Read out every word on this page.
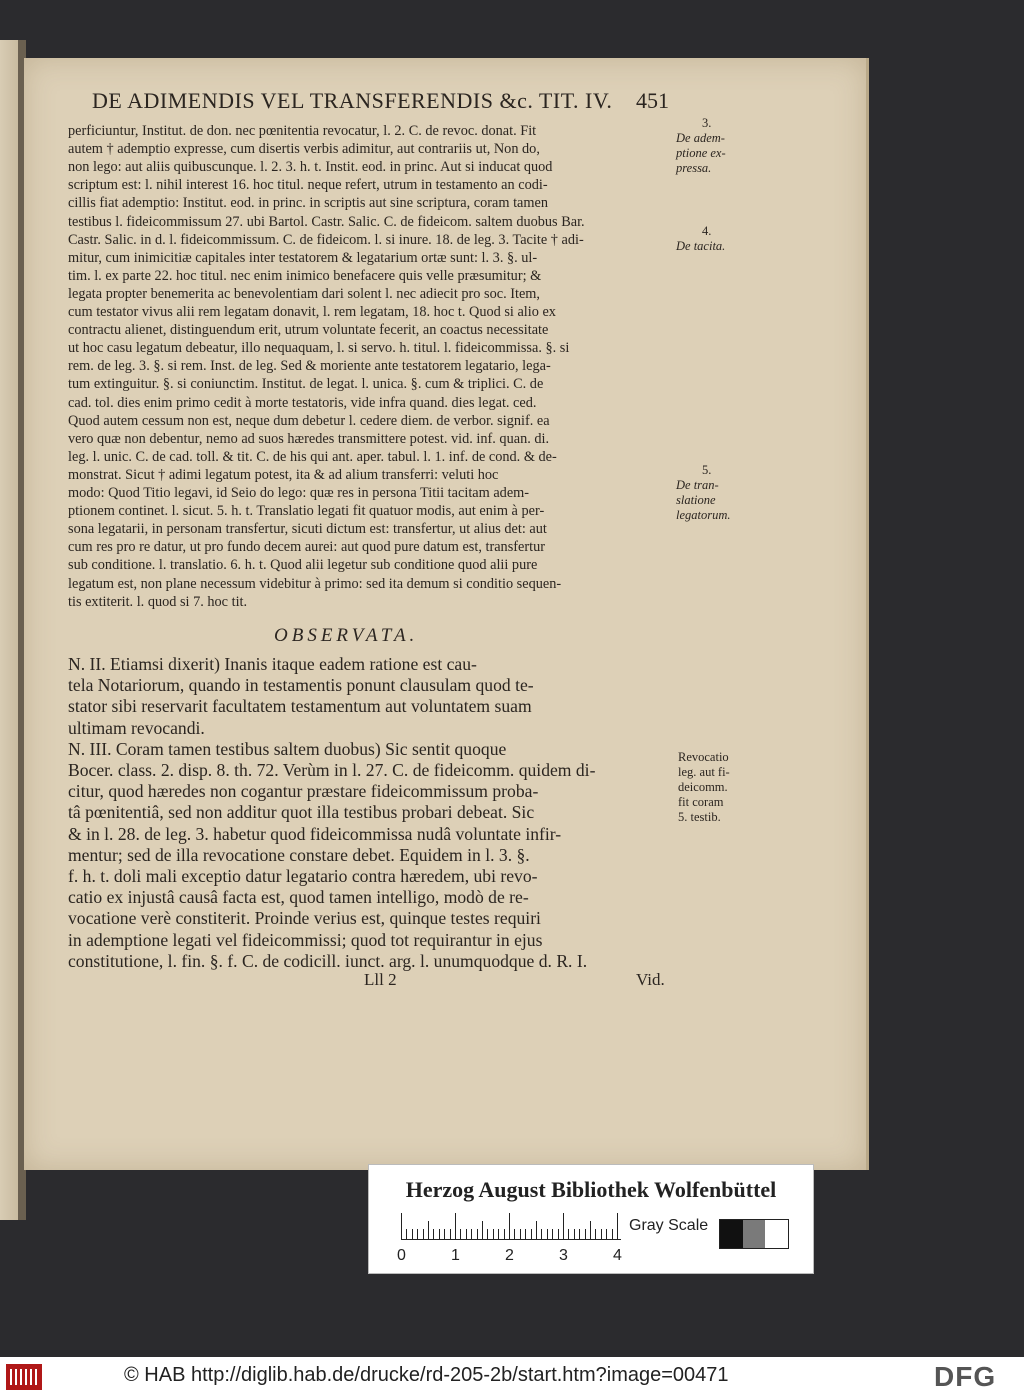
DE ADIMENDIS VEL TRANSFERENDIS &c. TIT. IV. 451
perficiuntur, Institut. de don. nec pœnitentia revocatur, l. 2. C. de revoc. donat. Fit
autem † ademptio expresse, cum disertis verbis adimitur, aut contrariis ut, Non do,
non lego: aut aliis quibuscunque. l. 2. 3. h. t. Instit. eod. in princ. Aut si inducat quod
scriptum est: l. nihil interest 16. hoc titul. neque refert, utrum in testamento an codi-
cillis fiat ademptio: Institut. eod. in princ. in scriptis aut sine scriptura, coram tamen
testibus l. fideicommissum 27. ubi Bartol. Castr. Salic. C. de fideicom. saltem duobus Bar.
Castr. Salic. in d. l. fideicommissum. C. de fideicom. l. si inure. 18. de leg. 3. Tacite † adi-
mitur, cum inimicitiæ capitales inter testatorem & legatarium ortæ sunt: l. 3. §. ul-
tim. l. ex parte 22. hoc titul. nec enim inimico benefacere quis velle præsumitur; &
legata propter benemerita ac benevolentiam dari solent l. nec adiecit pro soc. Item,
cum testator vivus alii rem legatam donavit, l. rem legatam, 18. hoc t. Quod si alio ex
contractu alienet, distinguendum erit, utrum voluntate fecerit, an coactus necessitate
ut hoc casu legatum debeatur, illo nequaquam, l. si servo. h. titul. l. fideicommissa. §. si
rem. de leg. 3. §. si rem. Inst. de leg. Sed & moriente ante testatorem legatario, lega-
tum extinguitur. §. si coniunctim. Institut. de legat. l. unica. §. cum & triplici. C. de
cad. tol. dies enim primo cedit à morte testatoris, vide infra quand. dies legat. ced.
Quod autem cessum non est, neque dum debetur l. cedere diem. de verbor. signif. ea
vero quæ non debentur, nemo ad suos hæredes transmittere potest. vid. inf. quan. di.
leg. l. unic. C. de cad. toll. & tit. C. de his qui ant. aper. tabul. l. 1. inf. de cond. & de-
monstrat. Sicut † adimi legatum potest, ita & ad alium transferri: veluti hoc
modo: Quod Titio legavi, id Seio do lego: quæ res in persona Titii tacitam adem-
ptionem continet. l. sicut. 5. h. t. Translatio legati fit quatuor modis, aut enim à per-
sona legatarii, in personam transfertur, sicuti dictum est: transfertur, ut alius det: aut
cum res pro re datur, ut pro fundo decem aurei: aut quod pure datum est, transfertur
sub conditione. l. translatio. 6. h. t. Quod alii legetur sub conditione quod alii pure
legatum est, non plane necessum videbitur à primo: sed ita demum si conditio sequen-
tis extiterit. l. quod si 7. hoc tit.
OBSERVATA.
N. II. Etiamsi dixerit) Inanis itaque eadem ratione est cau-
tela Notariorum, quando in testamentis ponunt clausulam quod te-
stator sibi reservarit facultatem testamentum aut voluntatem suam
ultimam revocandi.
N. III. Coram tamen testibus saltem duobus) Sic sentit quoque
Bocer. class. 2. disp. 8. th. 72. Verùm in l. 27. C. de fideicomm. quidem di-
citur, quod hæredes non cogantur præstare fideicommissum proba-
tâ pœnitentiâ, sed non additur quot illa testibus probari debeat. Sic
& in l. 28. de leg. 3. habetur quod fideicommissa nudâ voluntate infir-
mentur; sed de illa revocatione constare debet. Equidem in l. 3. §.
f. h. t. doli mali exceptio datur legatario contra hæredem, ubi revo-
catio ex injustâ causâ facta est, quod tamen intelligo, modò de re-
vocatione verè constiterit. Proinde verius est, quinque testes requiri
in ademptione legati vel fideicommissi; quod tot requirantur in ejus
constitutione, l. fin. §. f. C. de codicill. iunct. arg. l. unumquodque d. R. I.
Lll 2	Vid.
3.
De adem-
ptione ex-
pressa.
4.
De tacita.
5.
De tran-
slatione
legatorum.
Revocatio
leg. aut fi-
deicomm.
fit coram
5. testib.
Herzog August Bibliothek Wolfenbüttel
0	1	2	3	4
Gray Scale
© HAB http://diglib.hab.de/drucke/rd-205-2b/start.htm?image=00471	DFG
